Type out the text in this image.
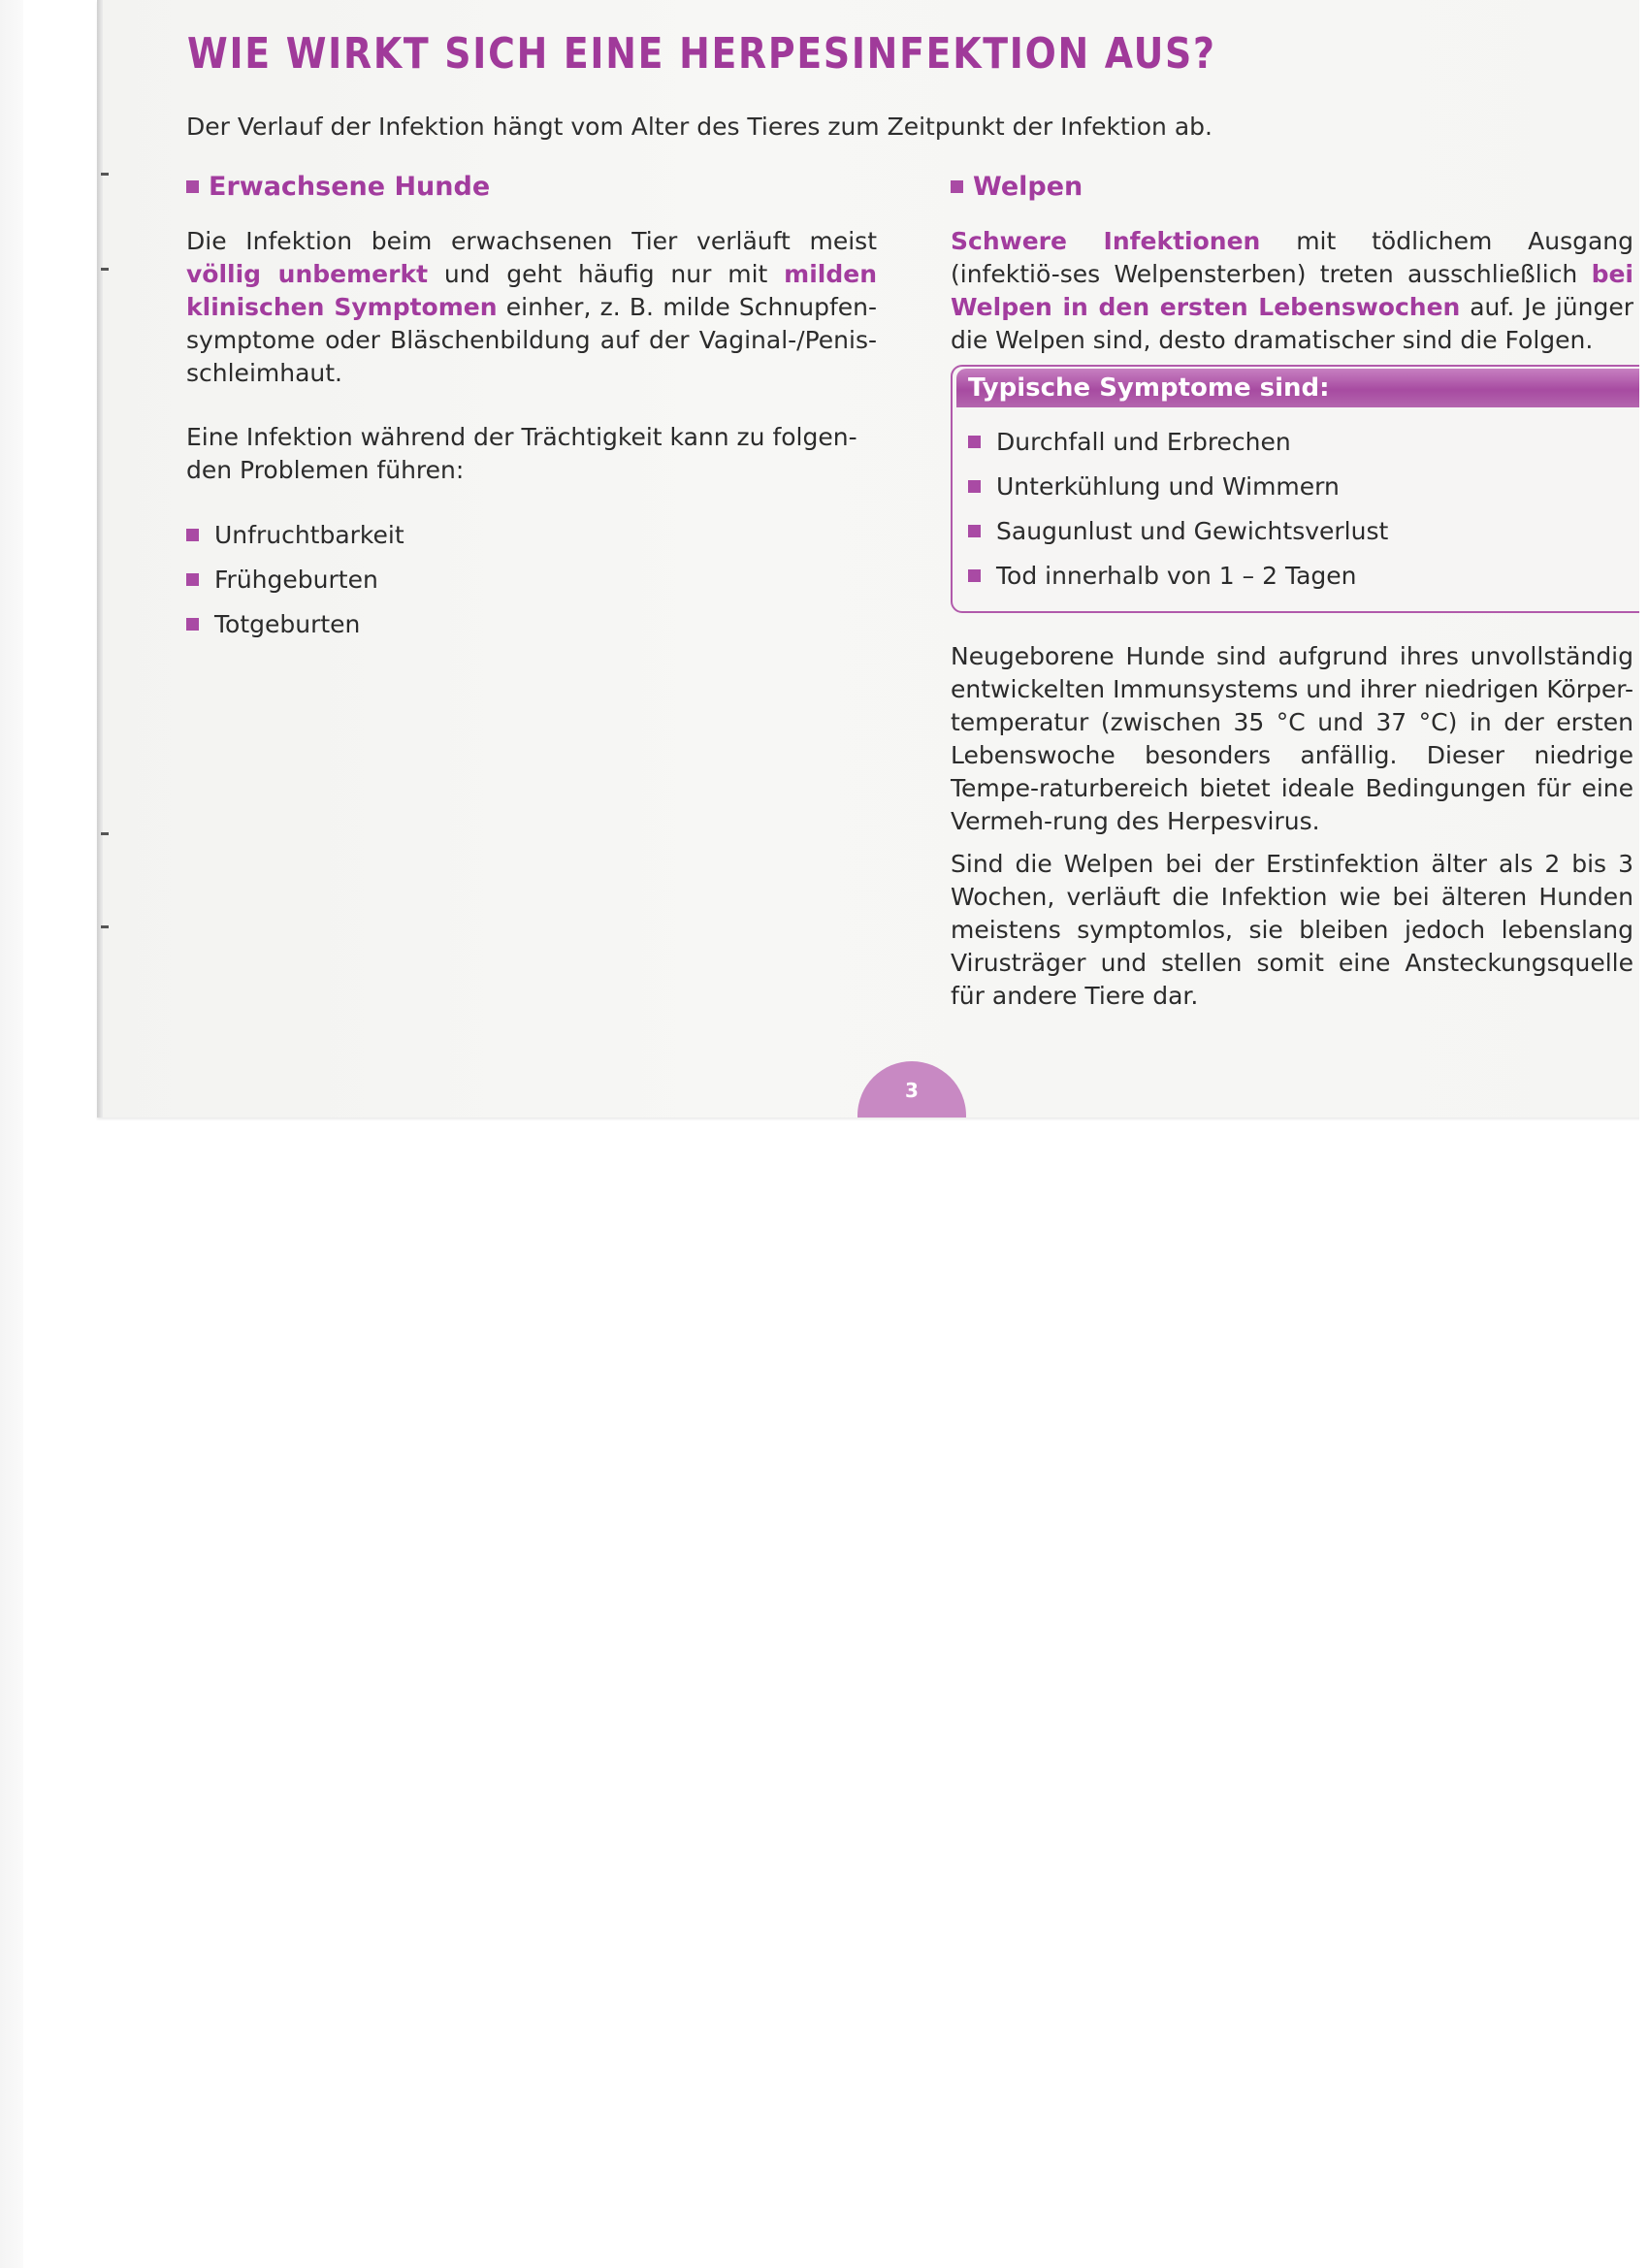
WIE WIRKT SICH EINE HERPESINFEKTION AUS?
Der Verlauf der Infektion hängt vom Alter des Tieres zum Zeitpunkt der Infektion ab.
Erwachsene Hunde

Die Infektion beim erwachsenen Tier verläuft meist völlig unbemerkt und geht häufig nur mit milden klinischen Symptomen einher, z. B. milde Schnupfen-symptome oder Bläschenbildung auf der Vaginal-/Penis-schleimhaut.

Eine Infektion während der Trächtigkeit kann zu folgen-den Problemen führen:
Unfruchtbarkeit
Frühgeburten
Totgeburten
Welpen

Schwere Infektionen mit tödlichem Ausgang (infektiö-ses Welpensterben) treten ausschließlich bei Welpen in den ersten Lebenswochen auf. Je jünger die Welpen sind, desto dramatischer sind die Folgen.

Typische Symptome sind:
Durchfall und Erbrechen
Unterkühlung und Wimmern
Saugunlust und Gewichtsverlust
Tod innerhalb von 1 – 2 Tagen
Neugeborene Hunde sind aufgrund ihres unvollständig entwickelten Immunsystems und ihrer niedrigen Körper-temperatur (zwischen 35 °C und 37 °C) in der ersten Lebenswoche besonders anfällig. Dieser niedrige Tempe-raturbereich bietet ideale Bedingungen für eine Vermeh-rung des Herpesvirus.
Sind die Welpen bei der Erstinfektion älter als 2 bis 3 Wochen, verläuft die Infektion wie bei älteren Hunden meistens symptomlos, sie bleiben jedoch lebenslang Virusträger und stellen somit eine Ansteckungsquelle für andere Tiere dar.
3
